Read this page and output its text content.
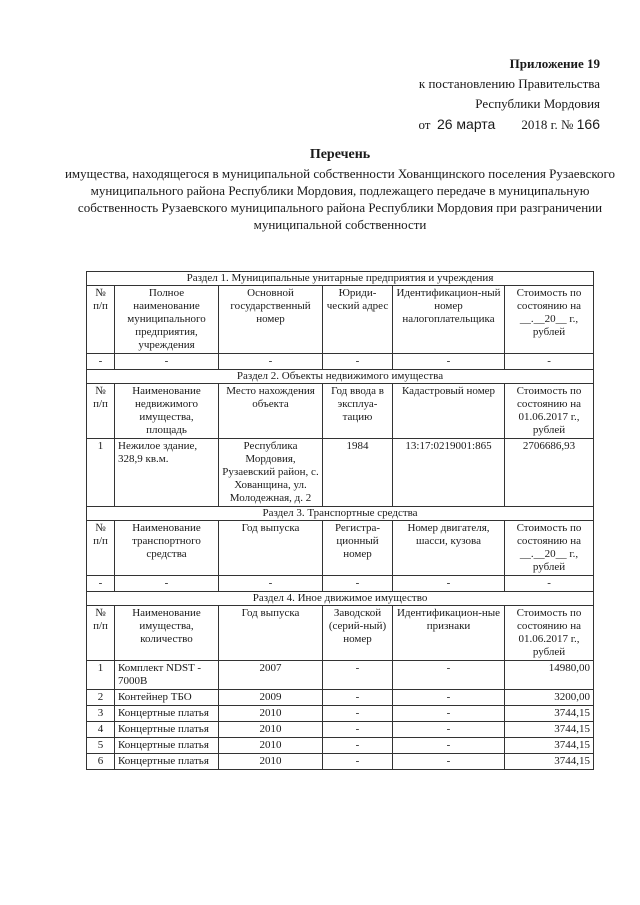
Приложение 19
к постановлению Правительства
Республики Мордовия
от 26 марта 2018 г. № 166
Перечень
имущества, находящегося в муниципальной собственности Хованщинского поселения Рузаевского муниципального района Республики Мордовия, подлежащего передаче в муниципальную собственность Рузаевского муниципального района Республики Мордовия при разграничении муниципальной собственности
Раздел 1. Муниципальные унитарные предприятия и учреждения					
№ п/п	Полное наименование муниципального предприятия, учреждения	Основной государственный номер	Юриди-ческий адрес	Идентификацион-ный номер налогоплательщика	Стоимость по состоянию на __.__20__ г., рублей
-	-	-	-	-	-
Раздел 2. Объекты недвижимого имущества					
№ п/п	Наименование недвижимого имущества, площадь	Место нахождения объекта	Год ввода в эксплуа-тацию	Кадастровый номер	Стоимость по состоянию на 01.06.2017 г., рублей
1	Нежилое здание, 328,9 кв.м.	Республика Мордовия, Рузаевский район, с. Хованщина, ул. Молодежная, д. 2	1984	13:17:0219001:865	2706686,93
Раздел 3. Транспортные средства					
№ п/п	Наименование транспортного средства	Год выпуска	Регистра-ционный номер	Номер двигателя, шасси, кузова	Стоимость по состоянию на __.__20__ г., рублей
-	-	-	-	-	-
Раздел 4. Иное движимое имущество					
№ п/п	Наименование имущества, количество	Год выпуска	Заводской (серий-ный) номер	Идентификацион-ные признаки	Стоимость по состоянию на 01.06.2017 г., рублей
1	Комплект NDST - 7000B	2007	-	-	14980,00
2	Контейнер ТБО	2009	-	-	3200,00
3	Концертные платья	2010	-	-	3744,15
4	Концертные платья	2010	-	-	3744,15
5	Концертные платья	2010	-	-	3744,15
6	Концертные платья	2010	-	-	3744,15
